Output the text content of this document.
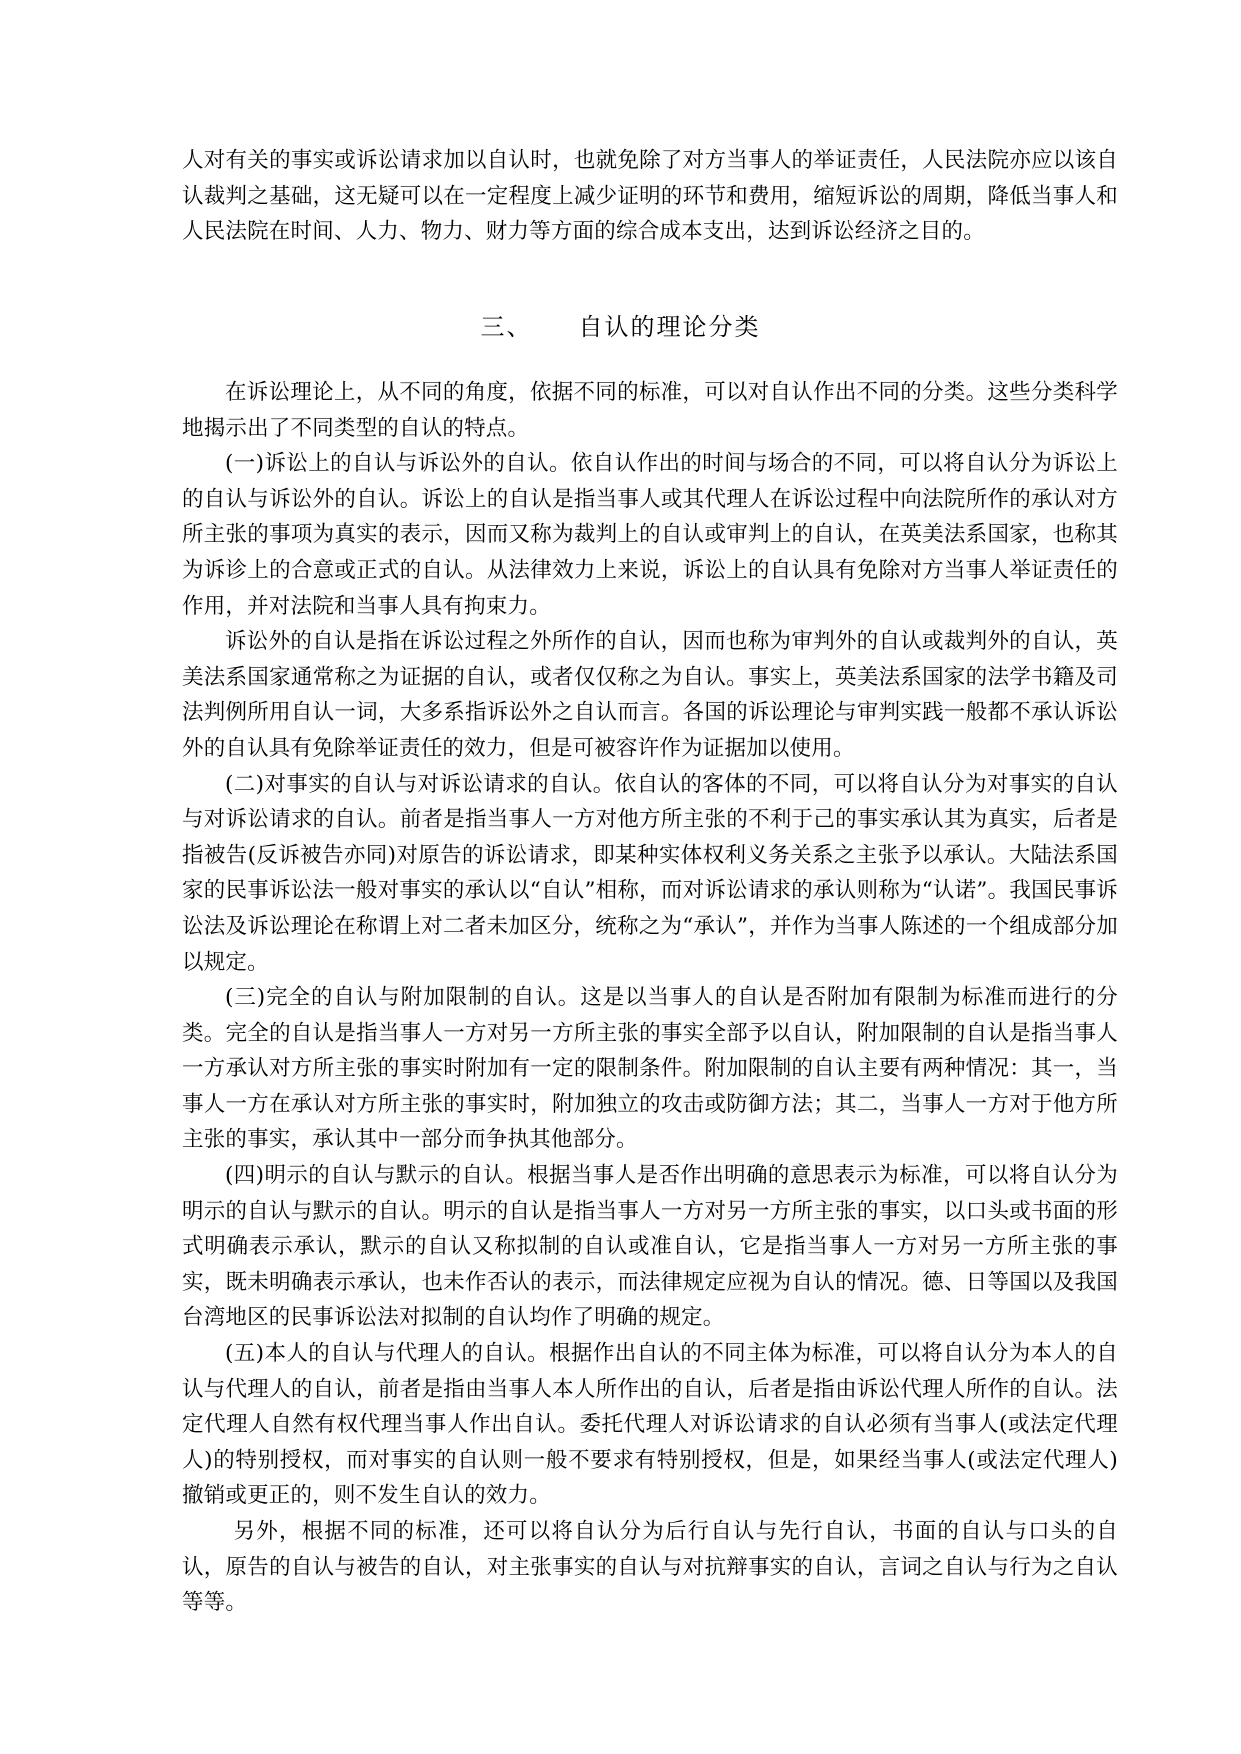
人对有关的事实或诉讼请求加以自认时，也就免除了对方当事人的举证责任，人民法院亦应以该自认裁判之基础，这无疑可以在一定程度上减少证明的环节和费用，缩短诉讼的周期，降低当事人和人民法院在时间、人力、物力、财力等方面的综合成本支出，达到诉讼经济之目的。

三、 自认的理论分类

在诉讼理论上，从不同的角度，依据不同的标准，可以对自认作出不同的分类。这些分类科学地揭示出了不同类型的自认的特点。

(一)诉讼上的自认与诉讼外的自认。依自认作出的时间与场合的不同，可以将自认分为诉讼上的自认与诉讼外的自认。诉讼上的自认是指当事人或其代理人在诉讼过程中向法院所作的承认对方所主张的事项为真实的表示，因而又称为裁判上的自认或审判上的自认，在英美法系国家，也称其为诉诊上的合意或正式的自认。从法律效力上来说，诉讼上的自认具有免除对方当事人举证责任的作用，并对法院和当事人具有拘束力。

诉讼外的自认是指在诉讼过程之外所作的自认，因而也称为审判外的自认或裁判外的自认，英美法系国家通常称之为证据的自认，或者仅仅称之为自认。事实上，英美法系国家的法学书籍及司法判例所用自认一词，大多系指诉讼外之自认而言。各国的诉讼理论与审判实践一般都不承认诉讼外的自认具有免除举证责任的效力，但是可被容许作为证据加以使用。

(二)对事实的自认与对诉讼请求的自认。依自认的客体的不同，可以将自认分为对事实的自认与对诉讼请求的自认。前者是指当事人一方对他方所主张的不利于己的事实承认其为真实，后者是指被告(反诉被告亦同)对原告的诉讼请求，即某种实体权利义务关系之主张予以承认。大陆法系国家的民事诉讼法一般对事实的承认以“自认”相称，而对诉讼请求的承认则称为“认诺”。我国民事诉讼法及诉讼理论在称谓上对二者未加区分，统称之为“承认”，并作为当事人陈述的一个组成部分加以规定。

(三)完全的自认与附加限制的自认。这是以当事人的自认是否附加有限制为标准而进行的分类。完全的自认是指当事人一方对另一方所主张的事实全部予以自认，附加限制的自认是指当事人一方承认对方所主张的事实时附加有一定的限制条件。附加限制的自认主要有两种情况：其一，当事人一方在承认对方所主张的事实时，附加独立的攻击或防御方法；其二，当事人一方对于他方所主张的事实，承认其中一部分而争执其他部分。

(四)明示的自认与默示的自认。根据当事人是否作出明确的意思表示为标准，可以将自认分为明示的自认与默示的自认。明示的自认是指当事人一方对另一方所主张的事实，以口头或书面的形式明确表示承认，默示的自认又称拟制的自认或准自认，它是指当事人一方对另一方所主张的事实，既未明确表示承认，也未作否认的表示，而法律规定应视为自认的情况。德、日等国以及我国台湾地区的民事诉讼法对拟制的自认均作了明确的规定。

(五)本人的自认与代理人的自认。根据作出自认的不同主体为标准，可以将自认分为本人的自认与代理人的自认，前者是指由当事人本人所作出的自认，后者是指由诉讼代理人所作的自认。法定代理人自然有权代理当事人作出自认。委托代理人对诉讼请求的自认必须有当事人(或法定代理人)的特别授权，而对事实的自认则一般不要求有特别授权，但是，如果经当事人(或法定代理人)撤销或更正的，则不发生自认的效力。

另外，根据不同的标准，还可以将自认分为后行自认与先行自认，书面的自认与口头的自认，原告的自认与被告的自认，对主张事实的自认与对抗辩事实的自认，言词之自认与行为之自认等等。
